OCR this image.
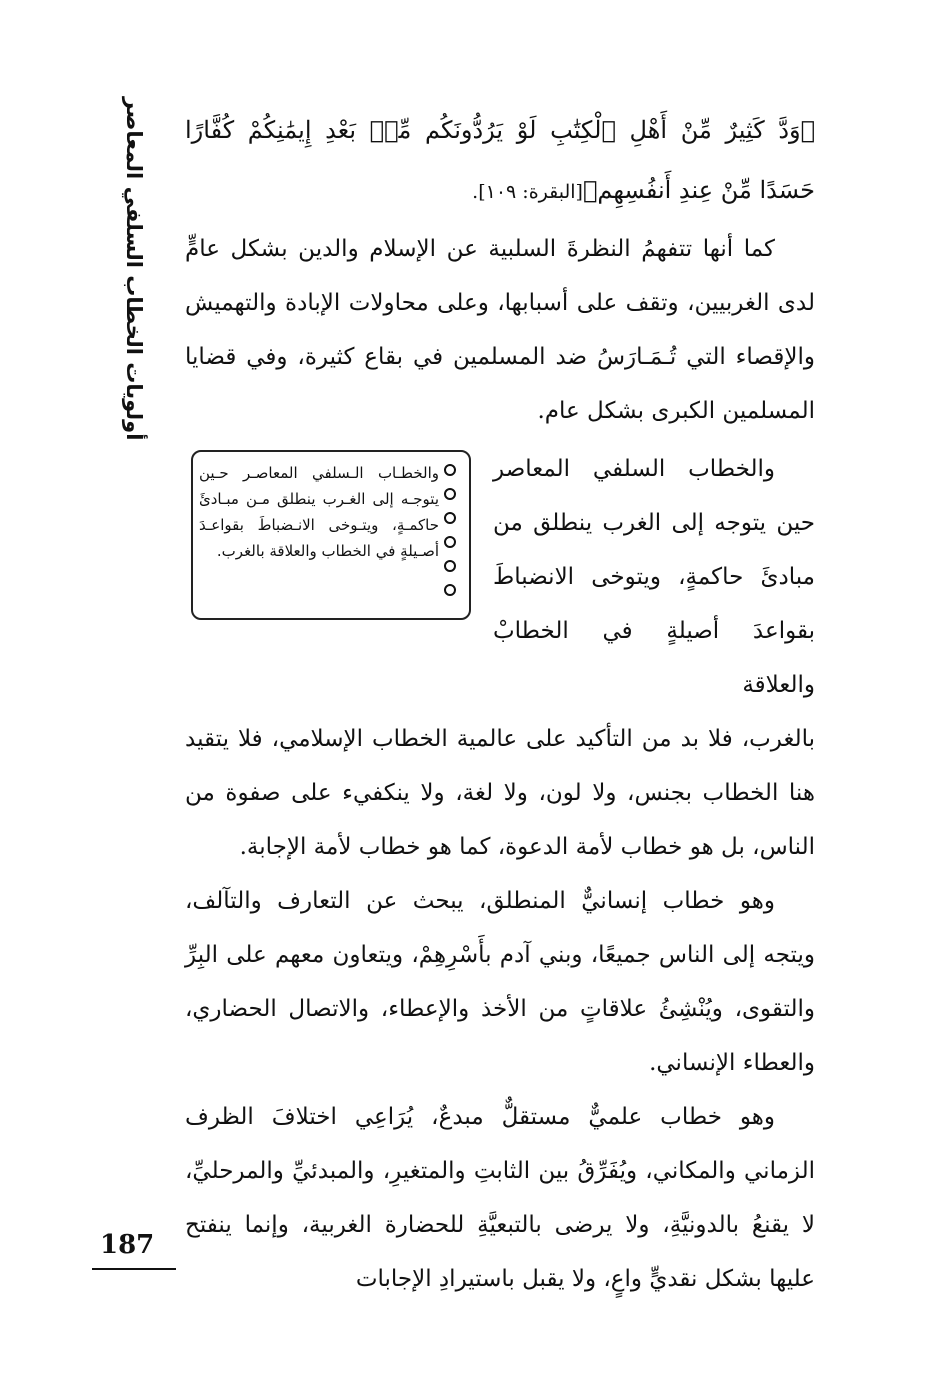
أولويات الخطاب السلفي المعاصر	﴿وَدَّ كَثِيرٌ مِّنْ أَهْلِ ٱلْكِتَٰبِ لَوْ يَرُدُّونَكُم مِّنۢ بَعْدِ إِيمَٰنِكُمْ كُفَّارًا حَسَدًا مِّنْ عِندِ أَنفُسِهِم﴾[البقرة: ١٠٩].

كما أنها تتفهمُ النظرةَ السلبية عن الإسلام والدين بشكل عامٍّ لدى الغربيين، وتقف على أسبابها، وعلى محاولات الإبادة والتهميش والإقصاء التي تُـمَـارَسُ ضد المسلمين في بقاع كثيرة، وفي قضايا المسلمين الكبرى بشكل عام.

والخطاب السلفي المعاصر حين يتوجه إلى الغرب ينطلق من مبادئَ حاكمةٍ، ويتوخى الانضباطَ بقواعدَ أصيلةٍ في الخطابْ والعلاقة

والخطـاب الـسلفي المعاصـر حـين يتوجـه إلى الغـرب ينطلق مـن مبـادئَ حاكمـةٍ، ويتـوخى الانـضباطَ بقواعـدَ أصـيلةٍ في الخطاب والعلاقة بالغرب.

بالغرب، فلا بد من التأكيد على عالمية الخطاب الإسلامي، فلا يتقيد هنا الخطاب بجنس، ولا لون، ولا لغة، ولا ينكفيء على صفوة من الناس، بل هو خطاب لأمة الدعوة، كما هو خطاب لأمة الإجابة.

وهو خطاب إنسانيٌّ المنطلق، يبحث عن التعارف والتآلف، ويتجه إلى الناس جميعًا، وبني آدم بأَسْرِهِمْ، ويتعاون معهم على البِرِّ والتقوى، ويُنْشِئُ علاقاتٍ من الأخذ والإعطاء، والاتصال الحضاري، والعطاء الإنساني.

وهو خطاب علميٌّ مستقلٌّ مبدعٌ، يُرَاعِي اختلافَ الظرف الزماني والمكاني، ويُفَرِّقُ بين الثابتِ والمتغيرِ، والمبدئيِّ والمرحليِّ، لا يقنعُ بالدونيَّةِ، ولا يرضى بالتبعيَّةِ للحضارة الغربية، وإنما ينفتح عليها بشكل نقديٍّ واعٍ، ولا يقبل باستيرادِ الإجابات

187
